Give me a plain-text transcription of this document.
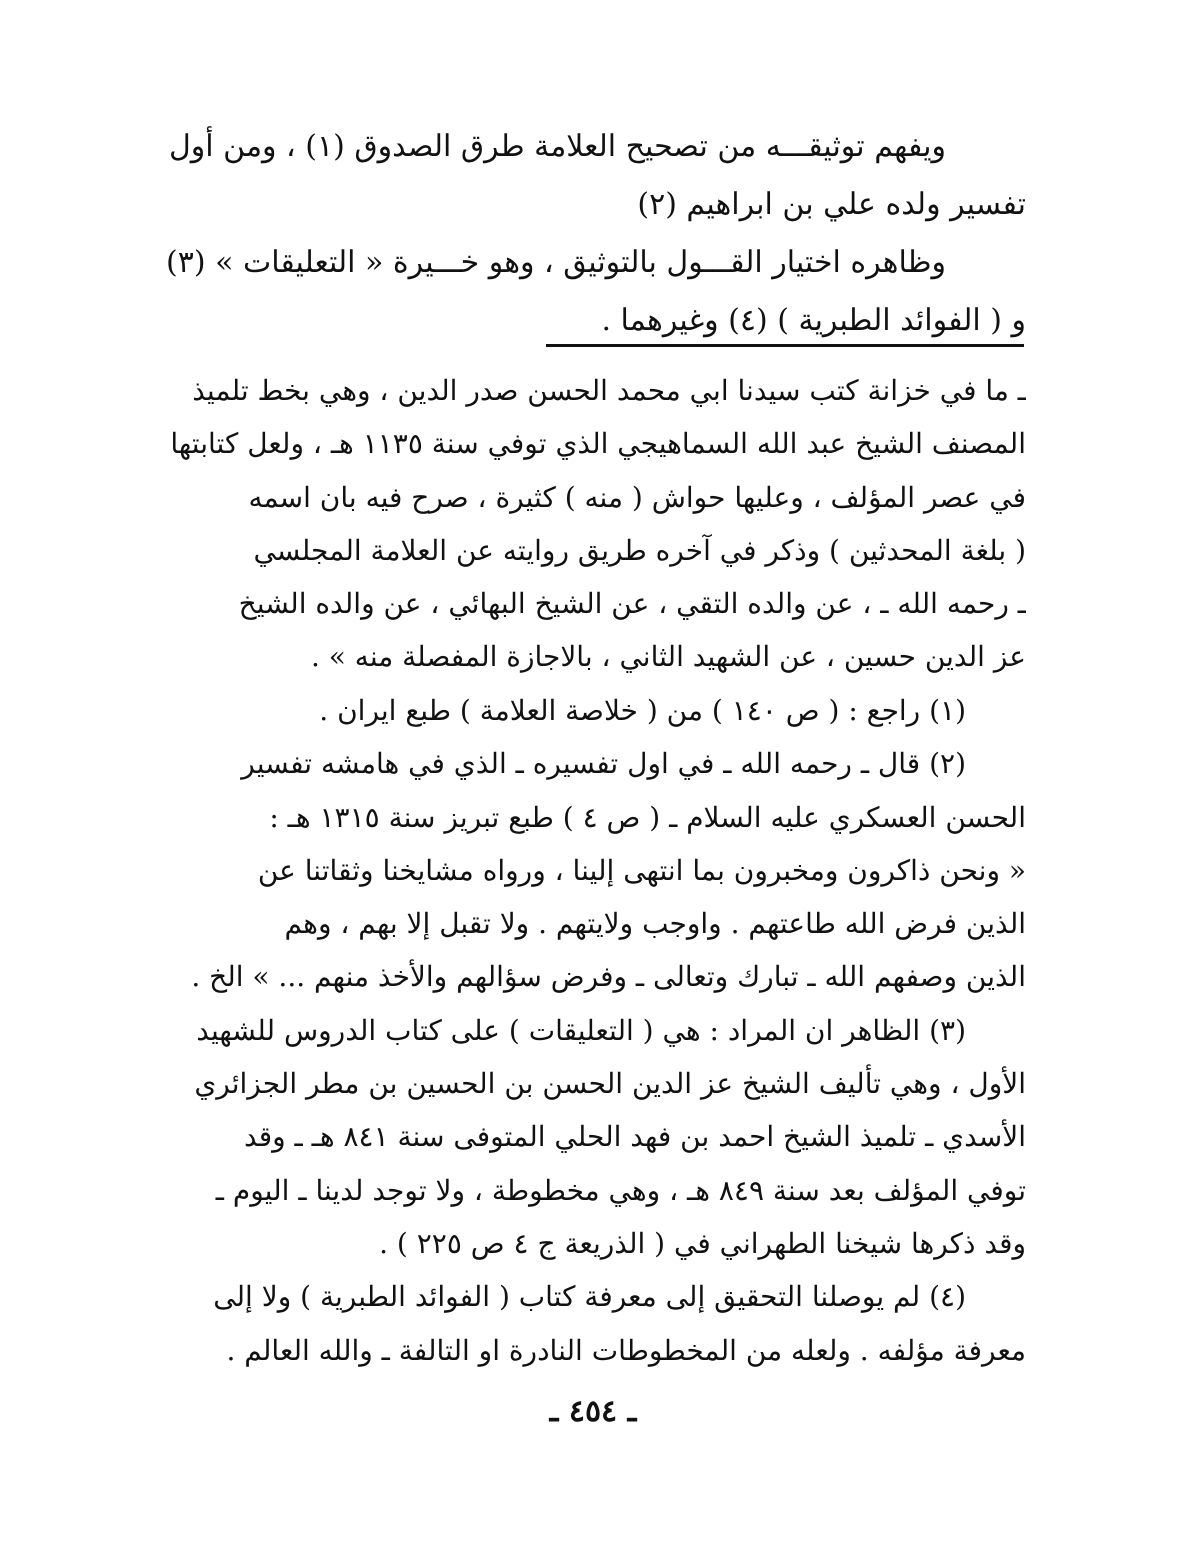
ويفهم توثيقـــه من تصحيح العلامة طرق الصدوق (١) ، ومن أول
تفسير ولده علي بن ابراهيم (٢)
وظاهره اختيار القـــول بالتوثيق ، وهو خـــيرة « التعليقات » (٣)
و ( الفوائد الطبرية ) (٤) وغيرهما .
ـ ما في خزانة كتب سيدنا ابي محمد الحسن صدر الدين ، وهي بخط تلميذ
المصنف الشيخ عبد الله السماهيجي الذي توفي سنة ١١٣٥ هـ ، ولعل كتابتها
في عصر المؤلف ، وعليها حواش ( منه ) كثيرة ، صرح فيه بان اسمه
( بلغة المحدثين ) وذكر في آخره طريق روايته عن العلامة المجلسي
ـ رحمه الله ـ ، عن والده التقي ، عن الشيخ البهائي ، عن والده الشيخ
عز الدين حسين ، عن الشهيد الثاني ، بالاجازة المفصلة منه » .
(١) راجع : ( ص ١٤٠ ) من ( خلاصة العلامة ) طبع ايران .
(٢) قال ـ رحمه الله ـ في اول تفسيره ـ الذي في هامشه تفسير
الحسن العسكري عليه السلام ـ ( ص ٤ ) طبع تبريز سنة ١٣١٥ هـ :
« ونحن ذاكرون ومخبرون بما انتهى إلينا ، ورواه مشايخنا وثقاتنا عن
الذين فرض الله طاعتهم . واوجب ولايتهم . ولا تقبل إلا بهم ، وهم
الذين وصفهم الله ـ تبارك وتعالى ـ وفرض سؤالهم والأخذ منهم ... » الخ .
(٣) الظاهر ان المراد : هي ( التعليقات ) على كتاب الدروس للشهيد
الأول ، وهي تأليف الشيخ عز الدين الحسن بن الحسين بن مطر الجزائري
الأسدي ـ تلميذ الشيخ احمد بن فهد الحلي المتوفى سنة ٨٤١ هـ ـ وقد
توفي المؤلف بعد سنة ٨٤٩ هـ ، وهي مخطوطة ، ولا توجد لدينا ـ اليوم ـ
وقد ذكرها شيخنا الطهراني في ( الذريعة ج ٤ ص ٢٢٥ ) .
(٤) لم يوصلنا التحقيق إلى معرفة كتاب ( الفوائد الطبرية ) ولا إلى
معرفة مؤلفه . ولعله من المخطوطات النادرة او التالفة ـ والله العالم .
ـ ٤٥٤ ـ
